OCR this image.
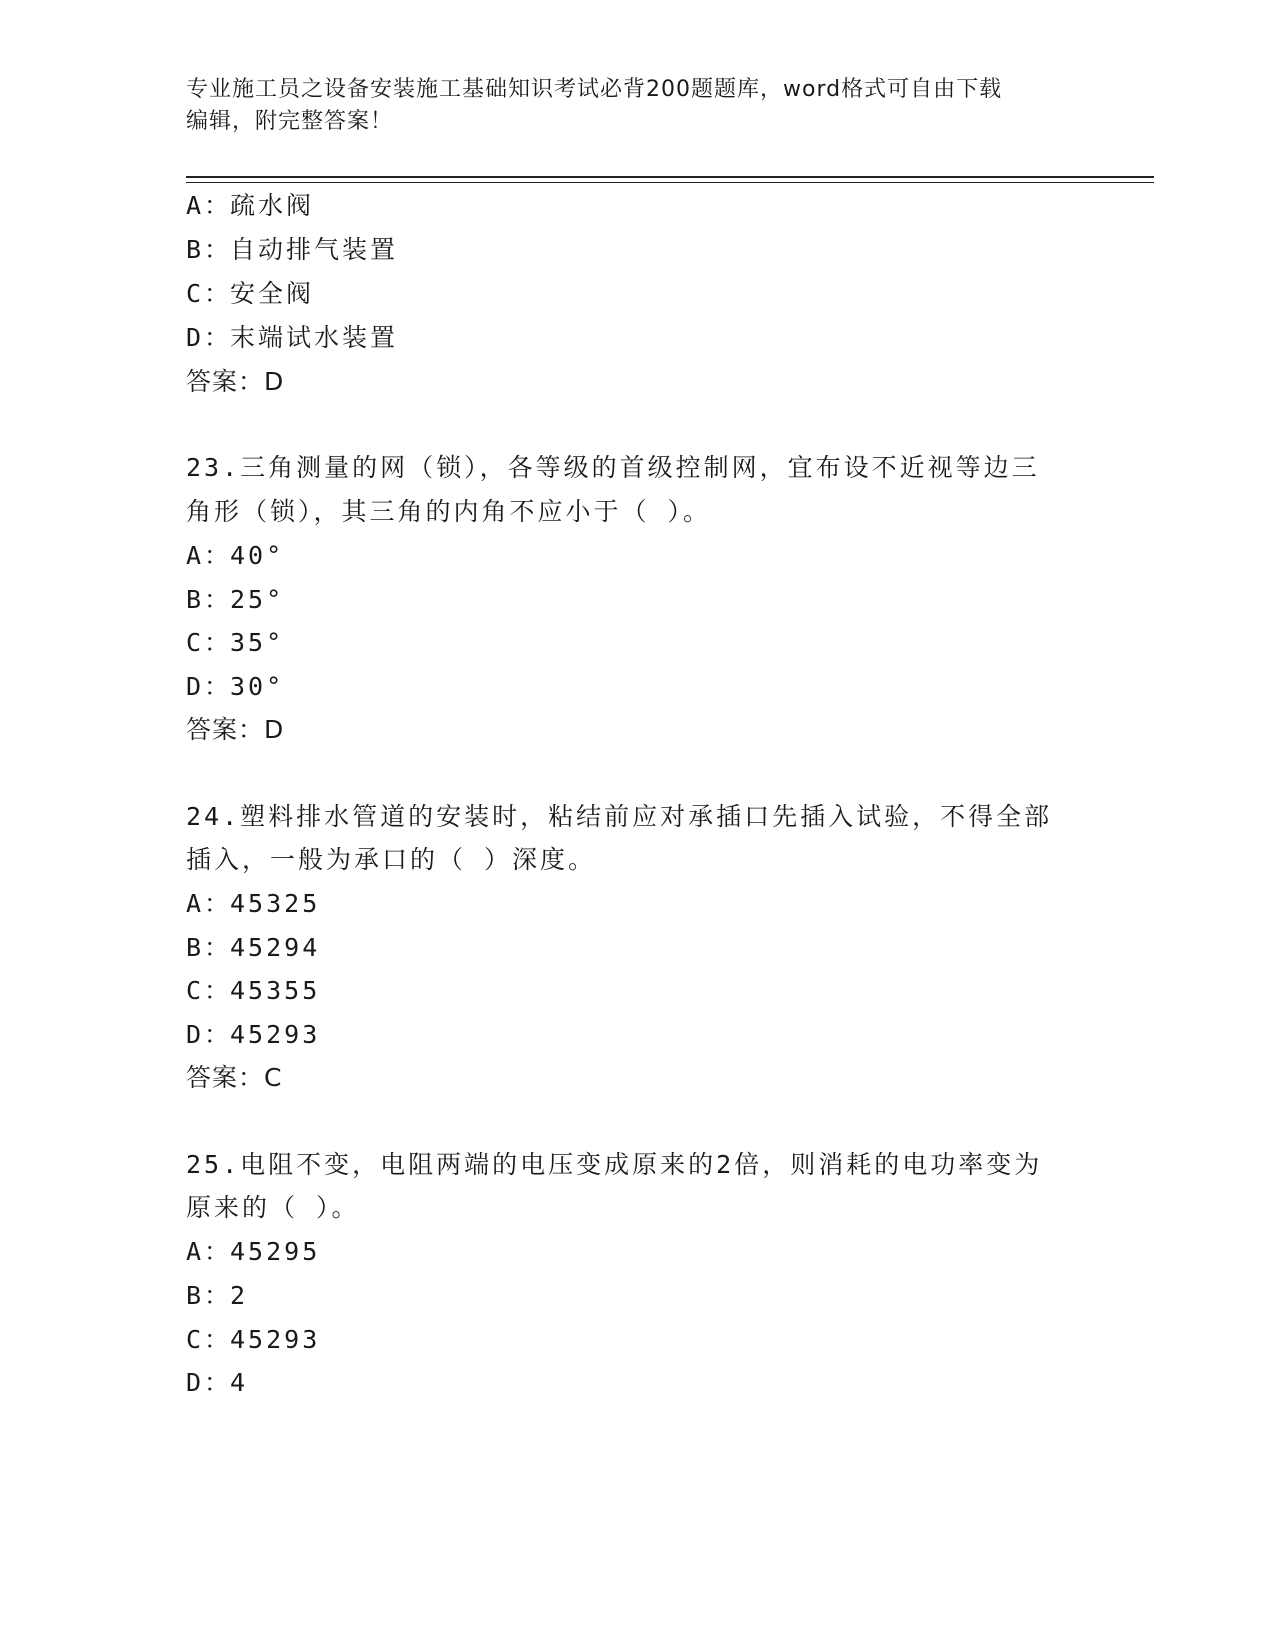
专业施工员之设备安装施工基础知识考试必背200题题库，word格式可自由下载
编辑，附完整答案！
A：疏水阀
B：自动排气装置
C：安全阀
D：末端试水装置
答案：D
23.三角测量的网（锁），各等级的首级控制网，宜布设不近视等边三
角形（锁），其三角的内角不应小于（ ）。
A：40°
B：25°
C：35°
D：30°
答案：D
24.塑料排水管道的安装时，粘结前应对承插口先插入试验，不得全部
插入，一般为承口的（ ）深度。
A：45325
B：45294
C：45355
D：45293
答案：C
25.电阻不变，电阻两端的电压变成原来的2倍，则消耗的电功率变为
原来的（ ）。
A：45295
B：2
C：45293
D：4
